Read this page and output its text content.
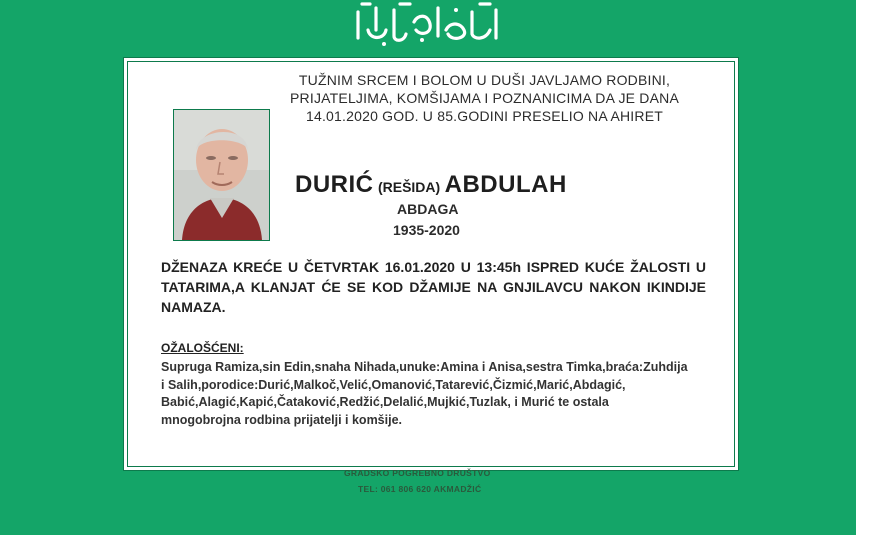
TUŽNIM SRCEM I BOLOM U DUŠI JAVLJAMO RODBINI, PRIJATELJIMA, KOMŠIJAMA I POZNANICIMA DA JE DANA 14.01.2020 GOD. U 85.GODINI PRESELIO NA AHIRET
DURIĆ (REŠIDA) ABDULAH
ABDAGA
1935-2020
DŽENAZA KREĆE U ČETVRTAK 16.01.2020 U 13:45h ISPRED KUĆE ŽALOSTI U TATARIMA,A KLANJAT ĆE SE KOD DŽAMIJE NA GNJILAVCU NAKON IKINDIJE NAMAZA.
OŽALOŠĆENI:
Supruga Ramiza,sin Edin,snaha Nihada,unuke:Amina i Anisa,sestra Timka,braća:Zuhdija i Salih,porodice:Durić,Malkoč,Velić,Omanović,Tatarević,Čizmić,Marić,Abdagić, Babić,Alagić,Kapić,Čataković,Redžić,Delalić,Mujkić,Tuzlak, i Murić te ostala mnogobrojna rodbina prijatelji i komšije.
GRADSKO POGREBNO DRUŠTVO
TEL: 061 806 620 AKMADŽIĆ
